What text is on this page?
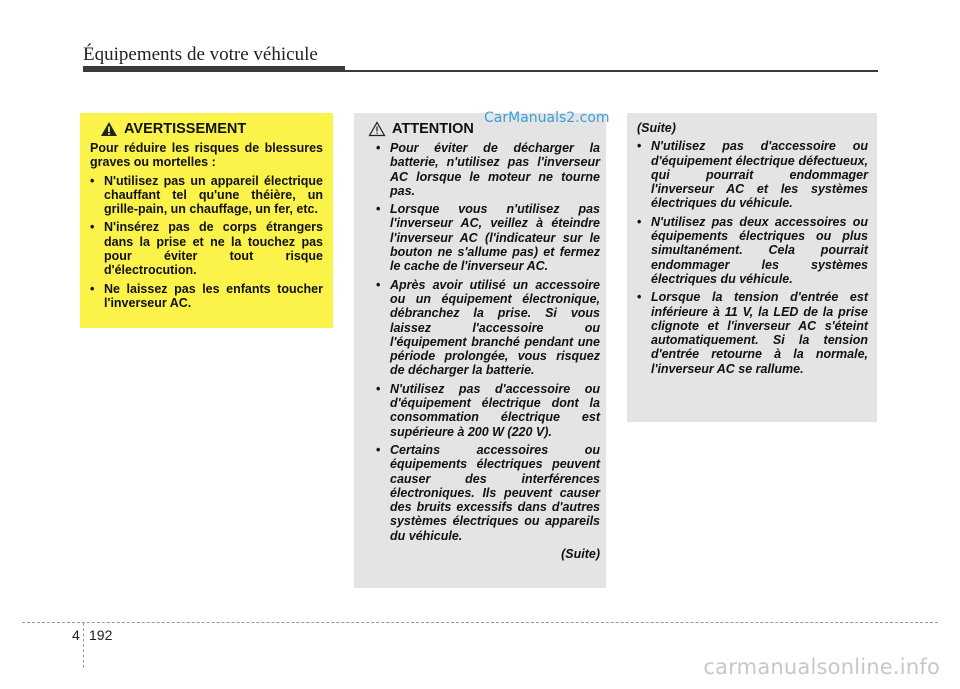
Équipements de votre véhicule
AVERTISSEMENT
Pour réduire les risques de blessures graves ou mortelles :
• N'utilisez pas un appareil électrique chauffant tel qu'une théière, un grille-pain, un chauffage, un fer, etc.
• N'insérez pas de corps étrangers dans la prise et ne la touchez pas pour éviter tout risque d'électrocution.
• Ne laissez pas les enfants toucher l'inverseur AC.
ATTENTION
• Pour éviter de décharger la batterie, n'utilisez pas l'inverseur AC lorsque le moteur ne tourne pas.
• Lorsque vous n'utilisez pas l'inverseur AC, veillez à éteindre l'inverseur AC (l'indicateur sur le bouton ne s'allume pas) et fermez le cache de l'inverseur AC.
• Après avoir utilisé un accessoire ou un équipement électronique, débranchez la prise. Si vous laissez l'accessoire ou l'équipement branché pendant une période prolongée, vous risquez de décharger la batterie.
• N'utilisez pas d'accessoire ou d'équipement électrique dont la consommation électrique est supérieure à 200 W (220 V).
• Certains accessoires ou équipements électriques peuvent causer des interférences électroniques. Ils peuvent causer des bruits excessifs dans d'autres systèmes électriques ou appareils du véhicule.
(Suite)
(Suite)
• N'utilisez pas d'accessoire ou d'équipement électrique défectueux, qui pourrait endommager l'inverseur AC et les systèmes électriques du véhicule.
• N'utilisez pas deux accessoires ou équipements électriques ou plus simultanément. Cela pourrait endommager les systèmes électriques du véhicule.
• Lorsque la tension d'entrée est inférieure à 11 V, la LED de la prise clignote et l'inverseur AC s'éteint automatiquement. Si la tension d'entrée retourne à la normale, l'inverseur AC se rallume.
CarManuals2.com
4 192
carmanualsonline.info
